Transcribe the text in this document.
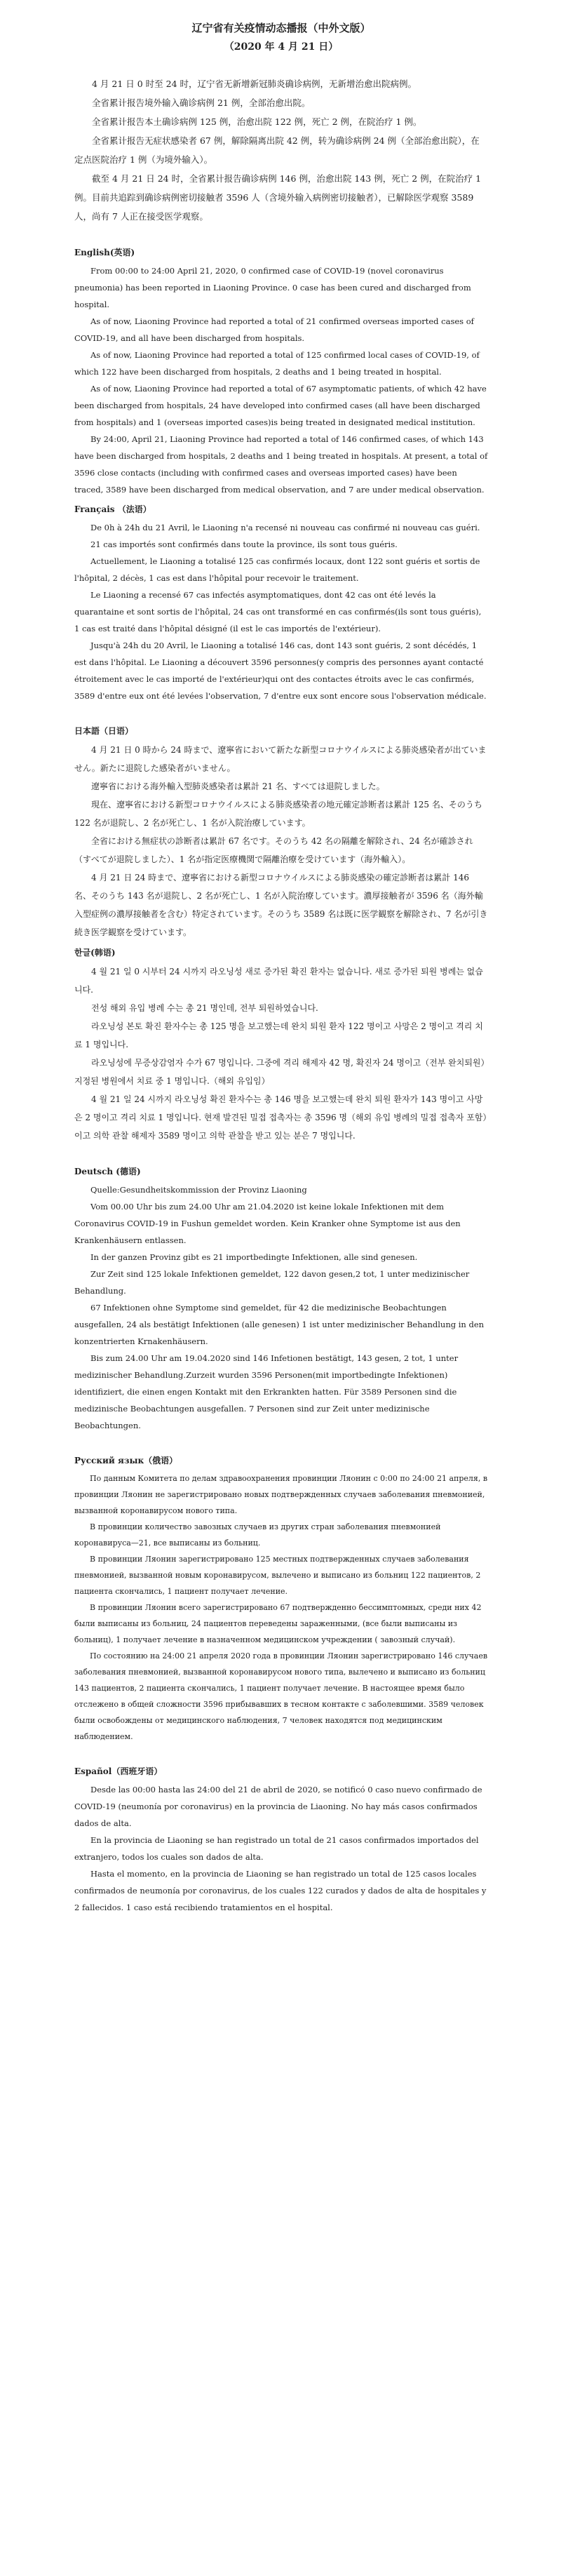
辽宁省有关疫情动态播报（中外文版）
（2020 年 4 月 21 日）

4 月 21 日 0 时至 24 时，辽宁省无新增新冠肺炎确诊病例，无新增治愈出院病例。

全省累计报告境外输入确诊病例 21 例，全部治愈出院。

全省累计报告本土确诊病例 125 例，治愈出院 122 例，死亡 2 例，在院治疗 1 例。

全省累计报告无症状感染者 67 例，解除隔离出院 42 例，转为确诊病例 24 例（全部治愈出院），在定点医院治疗 1 例（为境外输入）。

截至 4 月 21 日 24 时，全省累计报告确诊病例 146 例，治愈出院 143 例，死亡 2 例，在院治疗 1 例。目前共追踪到确诊病例密切接触者 3596 人（含境外输入病例密切接触者），已解除医学观察 3589 人，尚有 7 人正在接受医学观察。

English(英语)

From 00:00 to 24:00 April 21, 2020, 0 confirmed case of COVID-19 (novel coronavirus pneumonia) has been reported in Liaoning Province. 0 case has been cured and discharged from hospital.

As of now, Liaoning Province had reported a total of 21 confirmed overseas imported cases of COVID-19, and all have been discharged from hospitals.

As of now, Liaoning Province had reported a total of 125 confirmed local cases of COVID-19, of which 122 have been discharged from hospitals, 2 deaths and 1 being treated in hospital.

As of now, Liaoning Province had reported a total of 67 asymptomatic patients, of which 42 have been discharged from hospitals, 24 have developed into confirmed cases (all have been discharged from hospitals) and 1 (overseas imported cases)is being treated in designated medical institution.

By 24:00, April 21, Liaoning Province had reported a total of 146 confirmed cases, of which 143 have been discharged from hospitals, 2 deaths and 1 being treated in hospitals. At present, a total of 3596 close contacts (including with confirmed cases and overseas imported cases) have been traced, 3589 have been discharged from medical observation, and 7 are under medical observation.

Français （法语）

De 0h à 24h du 21 Avril, le Liaoning n'a recensé ni nouveau cas confirmé ni nouveau cas guéri.

21 cas importés sont confirmés dans toute la province, ils sont tous guéris.

Actuellement, le Liaoning a totalisé 125 cas confirmés locaux, dont 122 sont guéris et sortis de l'hôpital, 2 décès, 1 cas est dans l'hôpital pour recevoir le traitement.

Le Liaoning a recensé 67 cas infectés asymptomatiques, dont 42 cas ont été levés la quarantaine et sont sortis de l'hôpital, 24 cas ont transformé en cas confirmés(ils sont tous guéris), 1 cas est traité dans l'hôpital désigné (il est le cas importés de l'extérieur).

Jusqu'à 24h du 20 Avril, le Liaoning a totalisé 146 cas, dont 143 sont guéris, 2 sont décédés, 1 est dans l'hôpital. Le Liaoning a découvert 3596 personnes(y compris des personnes ayant contacté étroitement avec le cas importé de l'extérieur)qui ont des contactes étroits avec le cas confirmés, 3589 d'entre eux ont été levées l'observation, 7 d'entre eux sont encore sous l'observation médicale.

日本語（日语）

4 月 21 日 0 時から 24 時まで、遼寧省において新たな新型コロナウイルスによる肺炎感染者が出ていません。新たに退院した感染者がいません。

遼寧省における海外輸入型肺炎感染者は累計 21 名、すべては退院しました。

現在、遼寧省における新型コロナウイルスによる肺炎感染者の地元確定診断者は累計 125 名、そのうち 122 名が退院し、2 名が死亡し、1 名が入院治療しています。

全省における無症状の診断者は累計 67 名です。そのうち 42 名の隔離を解除され、24 名が確診され（すべてが退院しました）、1 名が指定医療機関で隔離治療を受けています（海外輸入）。

4 月 21 日 24 時まで、遼寧省における新型コロナウイルスによる肺炎感染の確定診断者は累計 146 名、そのうち 143 名が退院し、2 名が死亡し、1 名が入院治療しています。濃厚接触者が 3596 名（海外輸入型症例の濃厚接触者を含む）特定されています。そのうち 3589 名は既に医学観察を解除され、7 名が引き続き医学観察を受けています。

한글(韩语)

4 월 21 일 0 시부터 24 시까지 라오닝성 새로 증가된 확진 환자는 없습니다. 새로 증가된 퇴원 병례는 없습니다.

전성 해외 유입 병례 수는 총 21 명인데, 전부 퇴원하였습니다.

라오닝성 본토 확진 환자수는 총 125 명을 보고했는데 완치 퇴원 환자 122 명이고 사망은 2 명이고 격리 치료 1 명입니다.

라오닝성에 무증상감염자 수가 67 명입니다. 그중에 격리 해제자 42 명, 확진자 24 명이고（전부 완치퇴원）지정된 병원에서 치료 중 1 명입니다.（해외 유입임）

4 월 21 일 24 시까지 라오닝성 확진 환자수는 총 146 명을 보고했는데 완치 퇴원 환자가 143 명이고 사망은 2 명이고 격리 치료 1 명입니다. 현재 발견된 밀접 접촉자는 총 3596 명（해외 유입 병례의 밀접 접촉자 포함）이고 의학 관찰 해제자 3589 명이고 의학 관찰을 받고 있는 분은 7 명입니다.

Deutsch (德语)

Quelle:Gesundheitskommission der Provinz Liaoning

Vom 00.00 Uhr bis zum 24.00 Uhr am 21.04.2020 ist keine lokale Infektionen mit dem Coronavirus COVID-19 in Fushun gemeldet worden. Kein Kranker ohne Symptome ist aus den Krankenhäusern entlassen.

In der ganzen Provinz gibt es 21 importbedingte Infektionen, alle sind genesen.

Zur Zeit sind 125 lokale Infektionen gemeldet, 122 davon gesen,2 tot, 1 unter medizinischer Behandlung.

67 Infektionen ohne Symptome sind gemeldet, für 42 die medizinische Beobachtungen ausgefallen, 24 als bestätigt Infektionen (alle genesen) 1 ist unter medizinischer Behandlung in den konzentrierten Krnakenhäusern.

Bis zum 24.00 Uhr am 19.04.2020 sind 146 Infetionen bestätigt, 143 gesen, 2 tot, 1 unter medizinischer Behandlung.Zurzeit wurden 3596 Personen(mit importbedingte Infektionen) identifiziert, die einen engen Kontakt mit den Erkrankten hatten. Für 3589 Personen sind die medizinische Beobachtungen ausgefallen. 7 Personen sind zur Zeit unter medizinische Beobachtungen.

Русский язык（俄语）

По данным Комитета по делам здравоохранения провинции Ляонин с 0:00 по 24:00 21 апреля, в провинции Ляонин не зарегистрировано новых подтвержденных случаев заболевания пневмонией, вызванной коронавирусом нового типа.

В провинции количество завозных случаев из других стран заболевания пневмонией коронавируса—21, все выписаны из больниц.

В провинции Ляонин зарегистрировано 125 местных подтвержденных случаев заболевания пневмонией, вызванной новым коронавирусом, вылечено и выписано из больниц 122 пациентов, 2 пациента скончались, 1 пациент получает лечение.

В провинции Ляонин всего зарегистрировано 67 подтвержденно бессимптомных, среди них 42 были выписаны из больниц, 24 пациентов переведены зараженными, (все были выписаны из больниц), 1 получает лечение в назначенном медицинском учреждении ( завозный случай).

По состоянию на 24:00 21 апреля 2020 года в провинции Ляонин зарегистрировано 146 случаев заболевания пневмонией, вызванной коронавирусом нового типа, вылечено и выписано из больниц 143 пациентов, 2 пациента скончались, 1 пациент получает лечение. В настоящее время было отслежено в общей сложности 3596 прибывавших в тесном контакте с заболевшими. 3589 человек были освобождены от медицинского наблюдения, 7 человек находятся под медицинским наблюдением.

Español（西班牙语）

Desde las 00:00 hasta las 24:00 del 21 de abril de 2020, se notificó 0 caso nuevo confirmado de COVID-19 (neumonía por coronavirus) en la provincia de Liaoning. No hay más casos confirmados dados de alta.

En la provincia de Liaoning se han registrado un total de 21 casos confirmados importados del extranjero, todos los cuales son dados de alta.

Hasta el momento, en la provincia de Liaoning se han registrado un total de 125 casos locales confirmados de neumonía por coronavirus, de los cuales 122 curados y dados de alta de hospitales y 2 fallecidos. 1 caso está recibiendo tratamientos en el hospital.
